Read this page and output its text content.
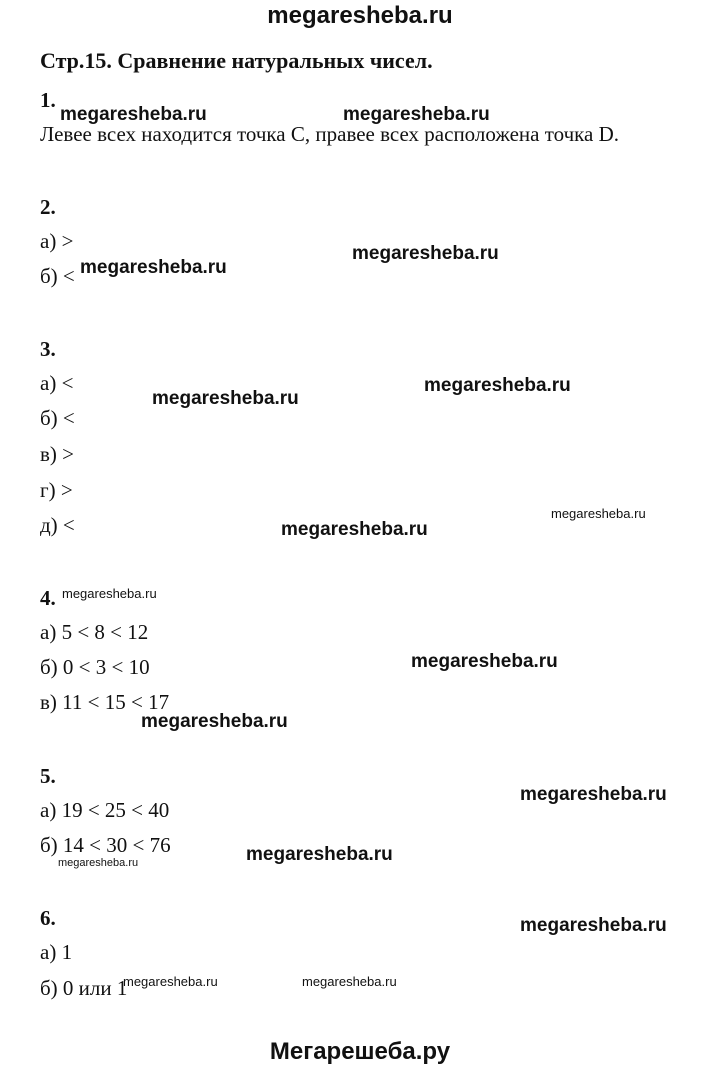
megaresheba.ru
Стр.15. Сравнение натуральных чисел.
1.
Левее всех находится точка С, правее всех расположена точка D.
2.
а) >
б) <
3.
а) <
б) <
в) >
г) >
д) <
4.
а) 5 < 8 < 12
б) 0 < 3 < 10
в) 11 < 15 < 17
5.
а) 19 < 25 < 40
б) 14 < 30 < 76
6.
а) 1
б) 0 или 1
megaresheba.ru	megaresheba.ru
megaresheba.ru
megaresheba.ru
megaresheba.ru
megaresheba.ru
megaresheba.ru
megaresheba.ru
megaresheba.ru
megaresheba.ru
megaresheba.ru
megaresheba.ru
megaresheba.ru
megaresheba.ru
megaresheba.ru
megaresheba.ru	megaresheba.ru
Мегарешеба.ру
